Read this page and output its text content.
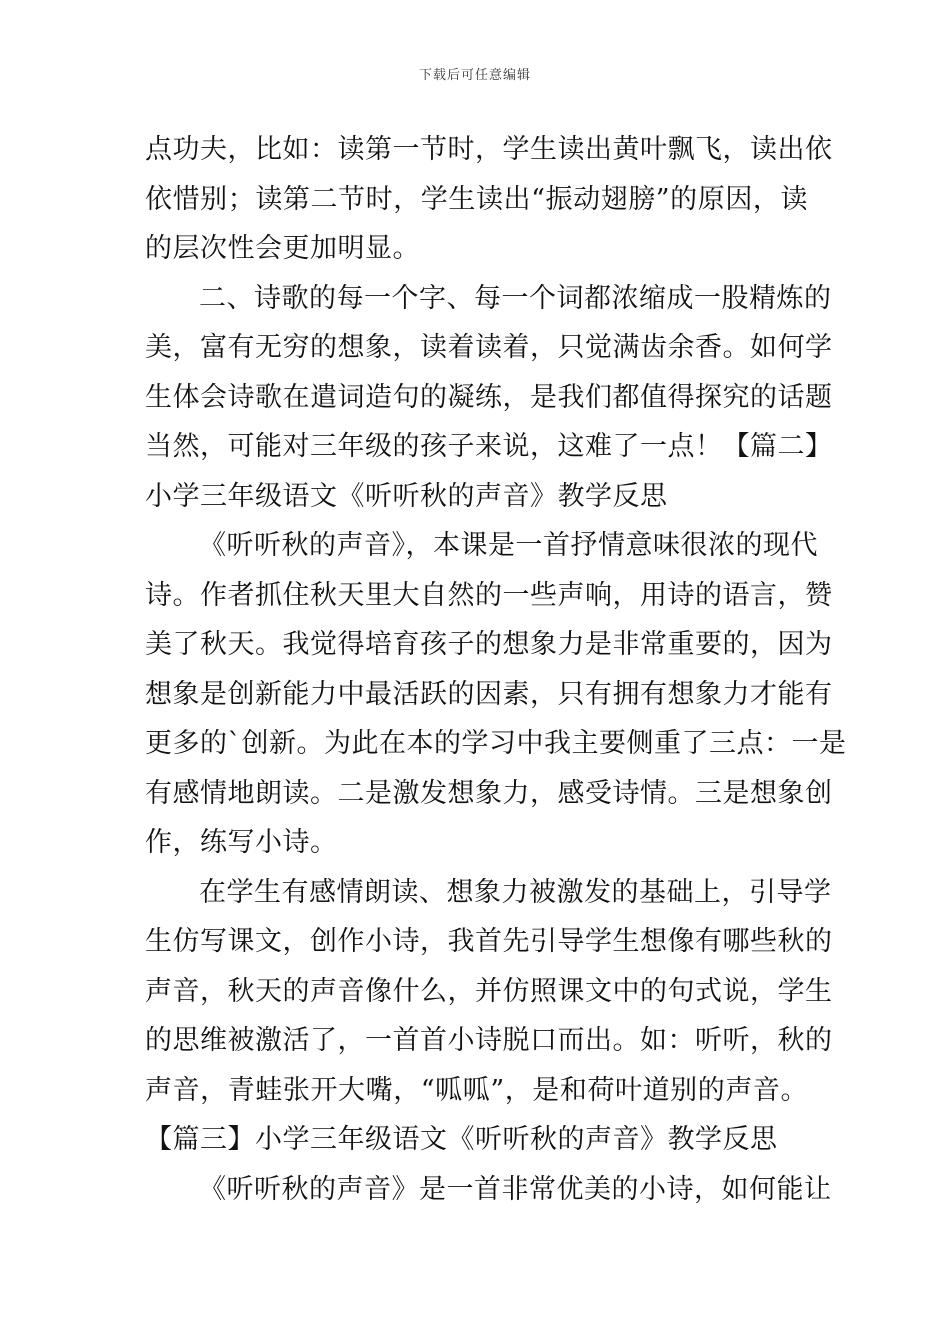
下载后可任意编辑
点功夫，比如：读第一节时，学生读出黄叶飘飞，读出依
依惜别；读第二节时，学生读出“振动翅膀”的原因，读
的层次性会更加明显。
二、诗歌的每一个字、每一个词都浓缩成一股精炼的
美，富有无穷的想象，读着读着，只觉满齿余香。如何学
生体会诗歌在遣词造句的凝练，是我们都值得探究的话题
当然，可能对三年级的孩子来说，这难了一点！【篇二】
小学三年级语文《听听秋的声音》教学反思
《听听秋的声音》，本课是一首抒情意味很浓的现代
诗。作者抓住秋天里大自然的一些声响，用诗的语言，赞
美了秋天。我觉得培育孩子的想象力是非常重要的，因为
想象是创新能力中最活跃的因素，只有拥有想象力才能有
更多的`创新。为此在本的学习中我主要侧重了三点：一是
有感情地朗读。二是激发想象力，感受诗情。三是想象创
作，练写小诗。
在学生有感情朗读、想象力被激发的基础上，引导学
生仿写课文，创作小诗，我首先引导学生想像有哪些秋的
声音，秋天的声音像什么，并仿照课文中的句式说，学生
的思维被激活了，一首首小诗脱口而出。如：听听，秋的
声音，青蛙张开大嘴，“呱呱”，是和荷叶道别的声音。
【篇三】小学三年级语文《听听秋的声音》教学反思
《听听秋的声音》是一首非常优美的小诗，如何能让
